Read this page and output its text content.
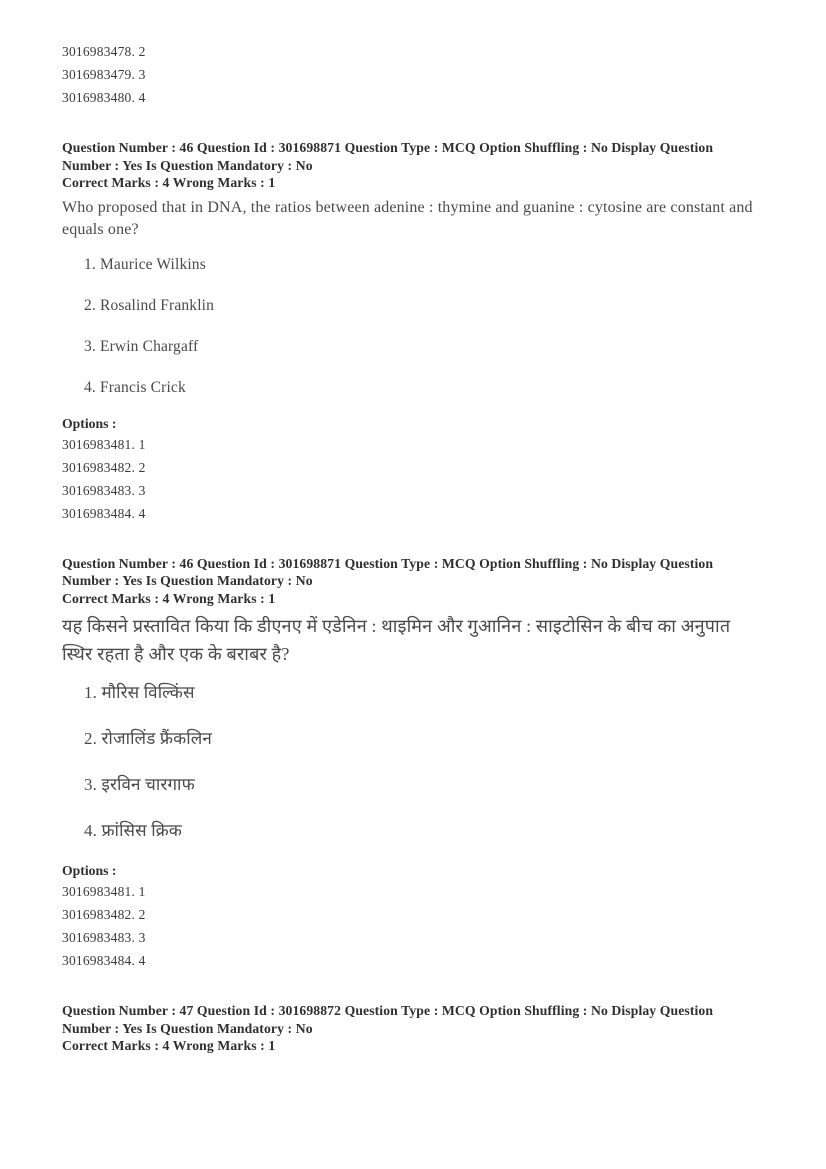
3016983478. 2
3016983479. 3
3016983480. 4
Question Number : 46 Question Id : 301698871 Question Type : MCQ Option Shuffling : No Display Question
Number : Yes Is Question Mandatory : No
Correct Marks : 4 Wrong Marks : 1
Who proposed that in DNA, the ratios between adenine : thymine and guanine : cytosine are constant and equals one?
1. Maurice Wilkins
2. Rosalind Franklin
3. Erwin Chargaff
4. Francis Crick
Options :
3016983481. 1
3016983482. 2
3016983483. 3
3016983484. 4
Question Number : 46 Question Id : 301698871 Question Type : MCQ Option Shuffling : No Display Question
Number : Yes Is Question Mandatory : No
Correct Marks : 4 Wrong Marks : 1
यह किसने प्रस्तावित किया कि डीएनए में एडेनिन : थाइमिन और गुआनिन : साइटोसिन के बीच का अनुपात स्थिर रहता है और एक के बराबर है?
1. मौरिस विल्किंस
2. रोजालिंड फ्रैंकलिन
3. इरविन चारगाफ
4. फ्रांसिस क्रिक
Options :
3016983481. 1
3016983482. 2
3016983483. 3
3016983484. 4
Question Number : 47 Question Id : 301698872 Question Type : MCQ Option Shuffling : No Display Question
Number : Yes Is Question Mandatory : No
Correct Marks : 4 Wrong Marks : 1
